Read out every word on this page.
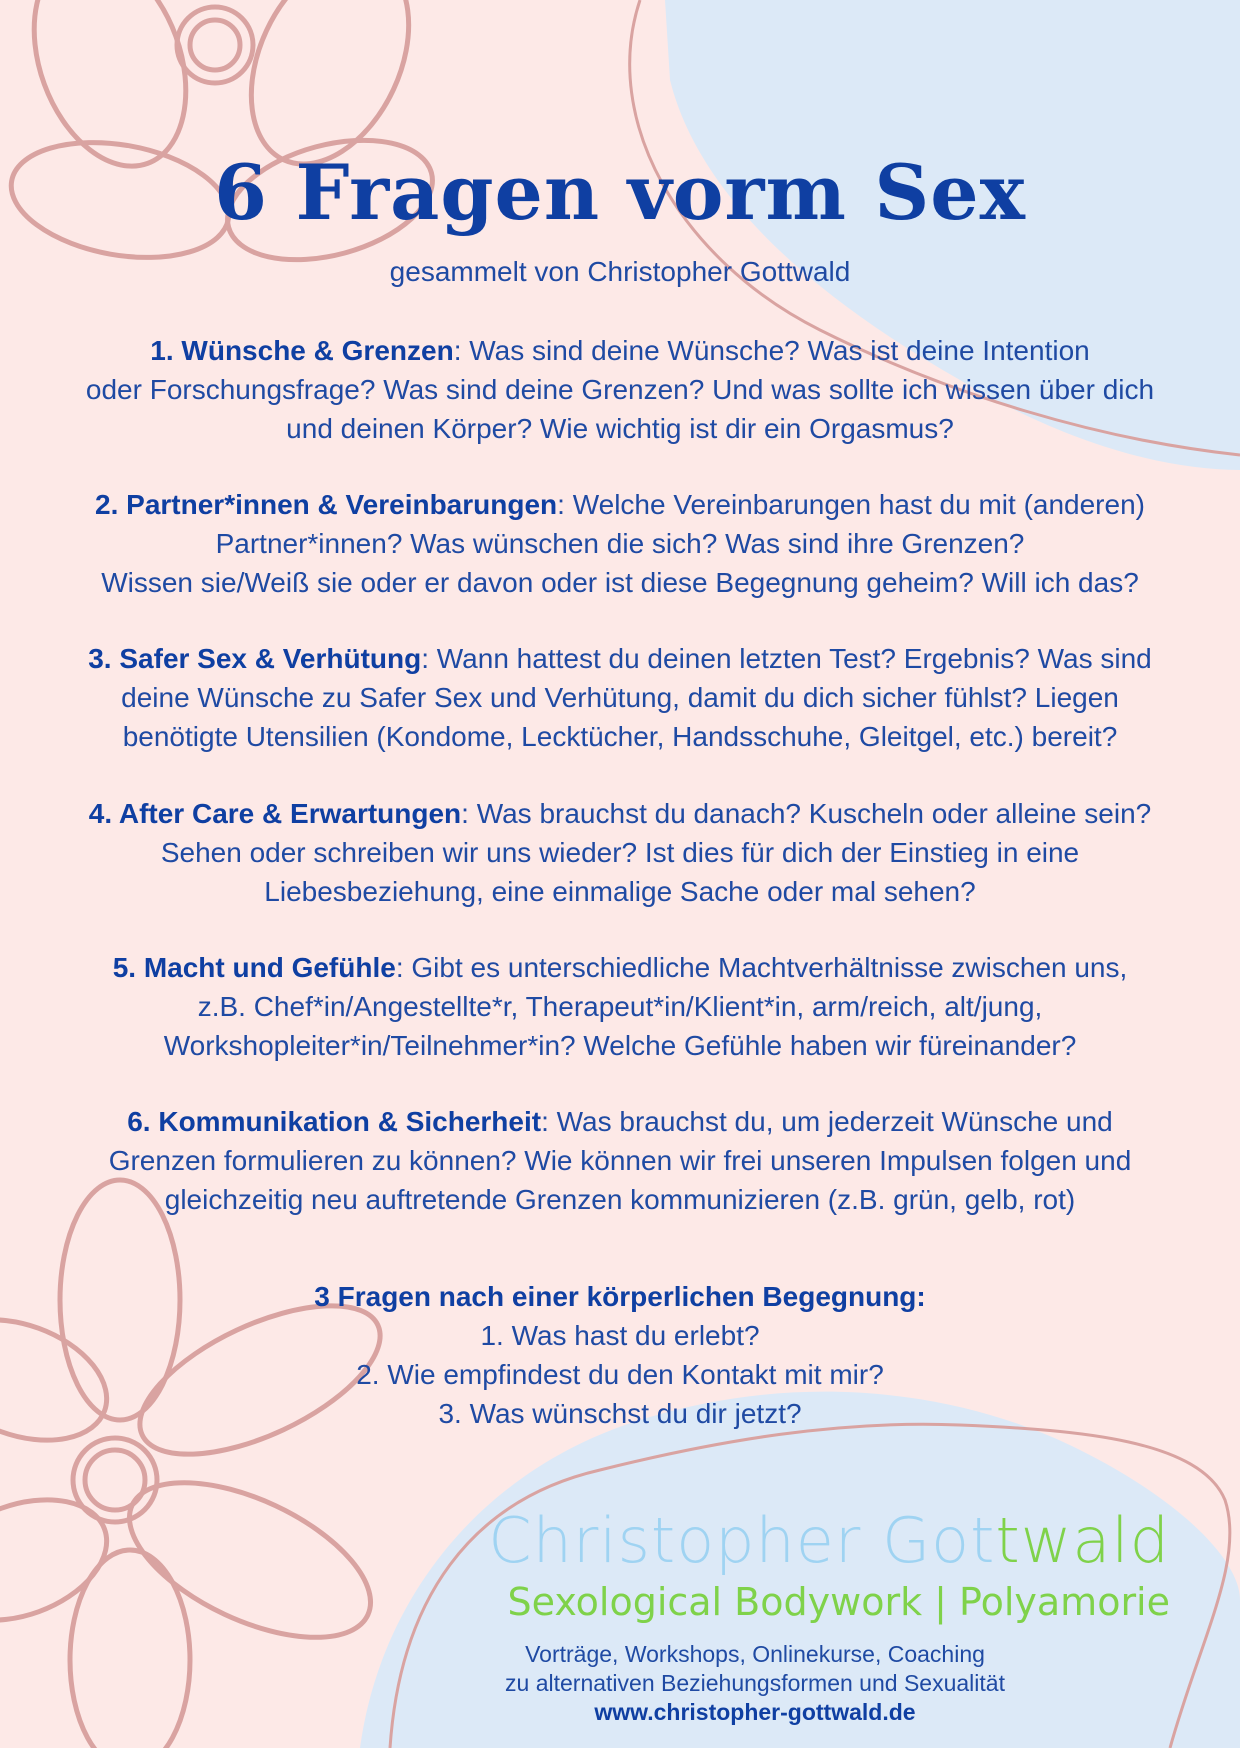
6 Fragen vorm Sex
gesammelt von Christopher Gottwald
1. Wünsche & Grenzen: Was sind deine Wünsche? Was ist deine Intention
oder Forschungsfrage? Was sind deine Grenzen? Und was sollte ich wissen über dich
und deinen Körper? Wie wichtig ist dir ein Orgasmus?
2. Partner*innen & Vereinbarungen: Welche Vereinbarungen hast du mit (anderen)
Partner*innen? Was wünschen die sich? Was sind ihre Grenzen?
Wissen sie/Weiß sie oder er davon oder ist diese Begegnung geheim? Will ich das?
3. Safer Sex & Verhütung: Wann hattest du deinen letzten Test? Ergebnis? Was sind
deine Wünsche zu Safer Sex und Verhütung, damit du dich sicher fühlst? Liegen
benötigte Utensilien (Kondome, Lecktücher, Handsschuhe, Gleitgel, etc.) bereit?
4. After Care & Erwartungen: Was brauchst du danach? Kuscheln oder alleine sein?
Sehen oder schreiben wir uns wieder? Ist dies für dich der Einstieg in eine
Liebesbeziehung, eine einmalige Sache oder mal sehen?
5. Macht und Gefühle: Gibt es unterschiedliche Machtverhältnisse zwischen uns,
z.B. Chef*in/Angestellte*r, Therapeut*in/Klient*in, arm/reich, alt/jung,
Workshopleiter*in/Teilnehmer*in? Welche Gefühle haben wir füreinander?
6. Kommunikation & Sicherheit: Was brauchst du, um jederzeit Wünsche und
Grenzen formulieren zu können? Wie können wir frei unseren Impulsen folgen und
gleichzeitig neu auftretende Grenzen kommunizieren (z.B. grün, gelb, rot)
3 Fragen nach einer körperlichen Begegnung:
1. Was hast du erlebt?
2. Wie empfindest du den Kontakt mit mir?
3. Was wünschst du dir jetzt?
Christopher Gottwald
Sexological Bodywork | Polyamorie
Vorträge, Workshops, Onlinekurse, Coaching
zu alternativen Beziehungsformen und Sexualität
www.christopher-gottwald.de
